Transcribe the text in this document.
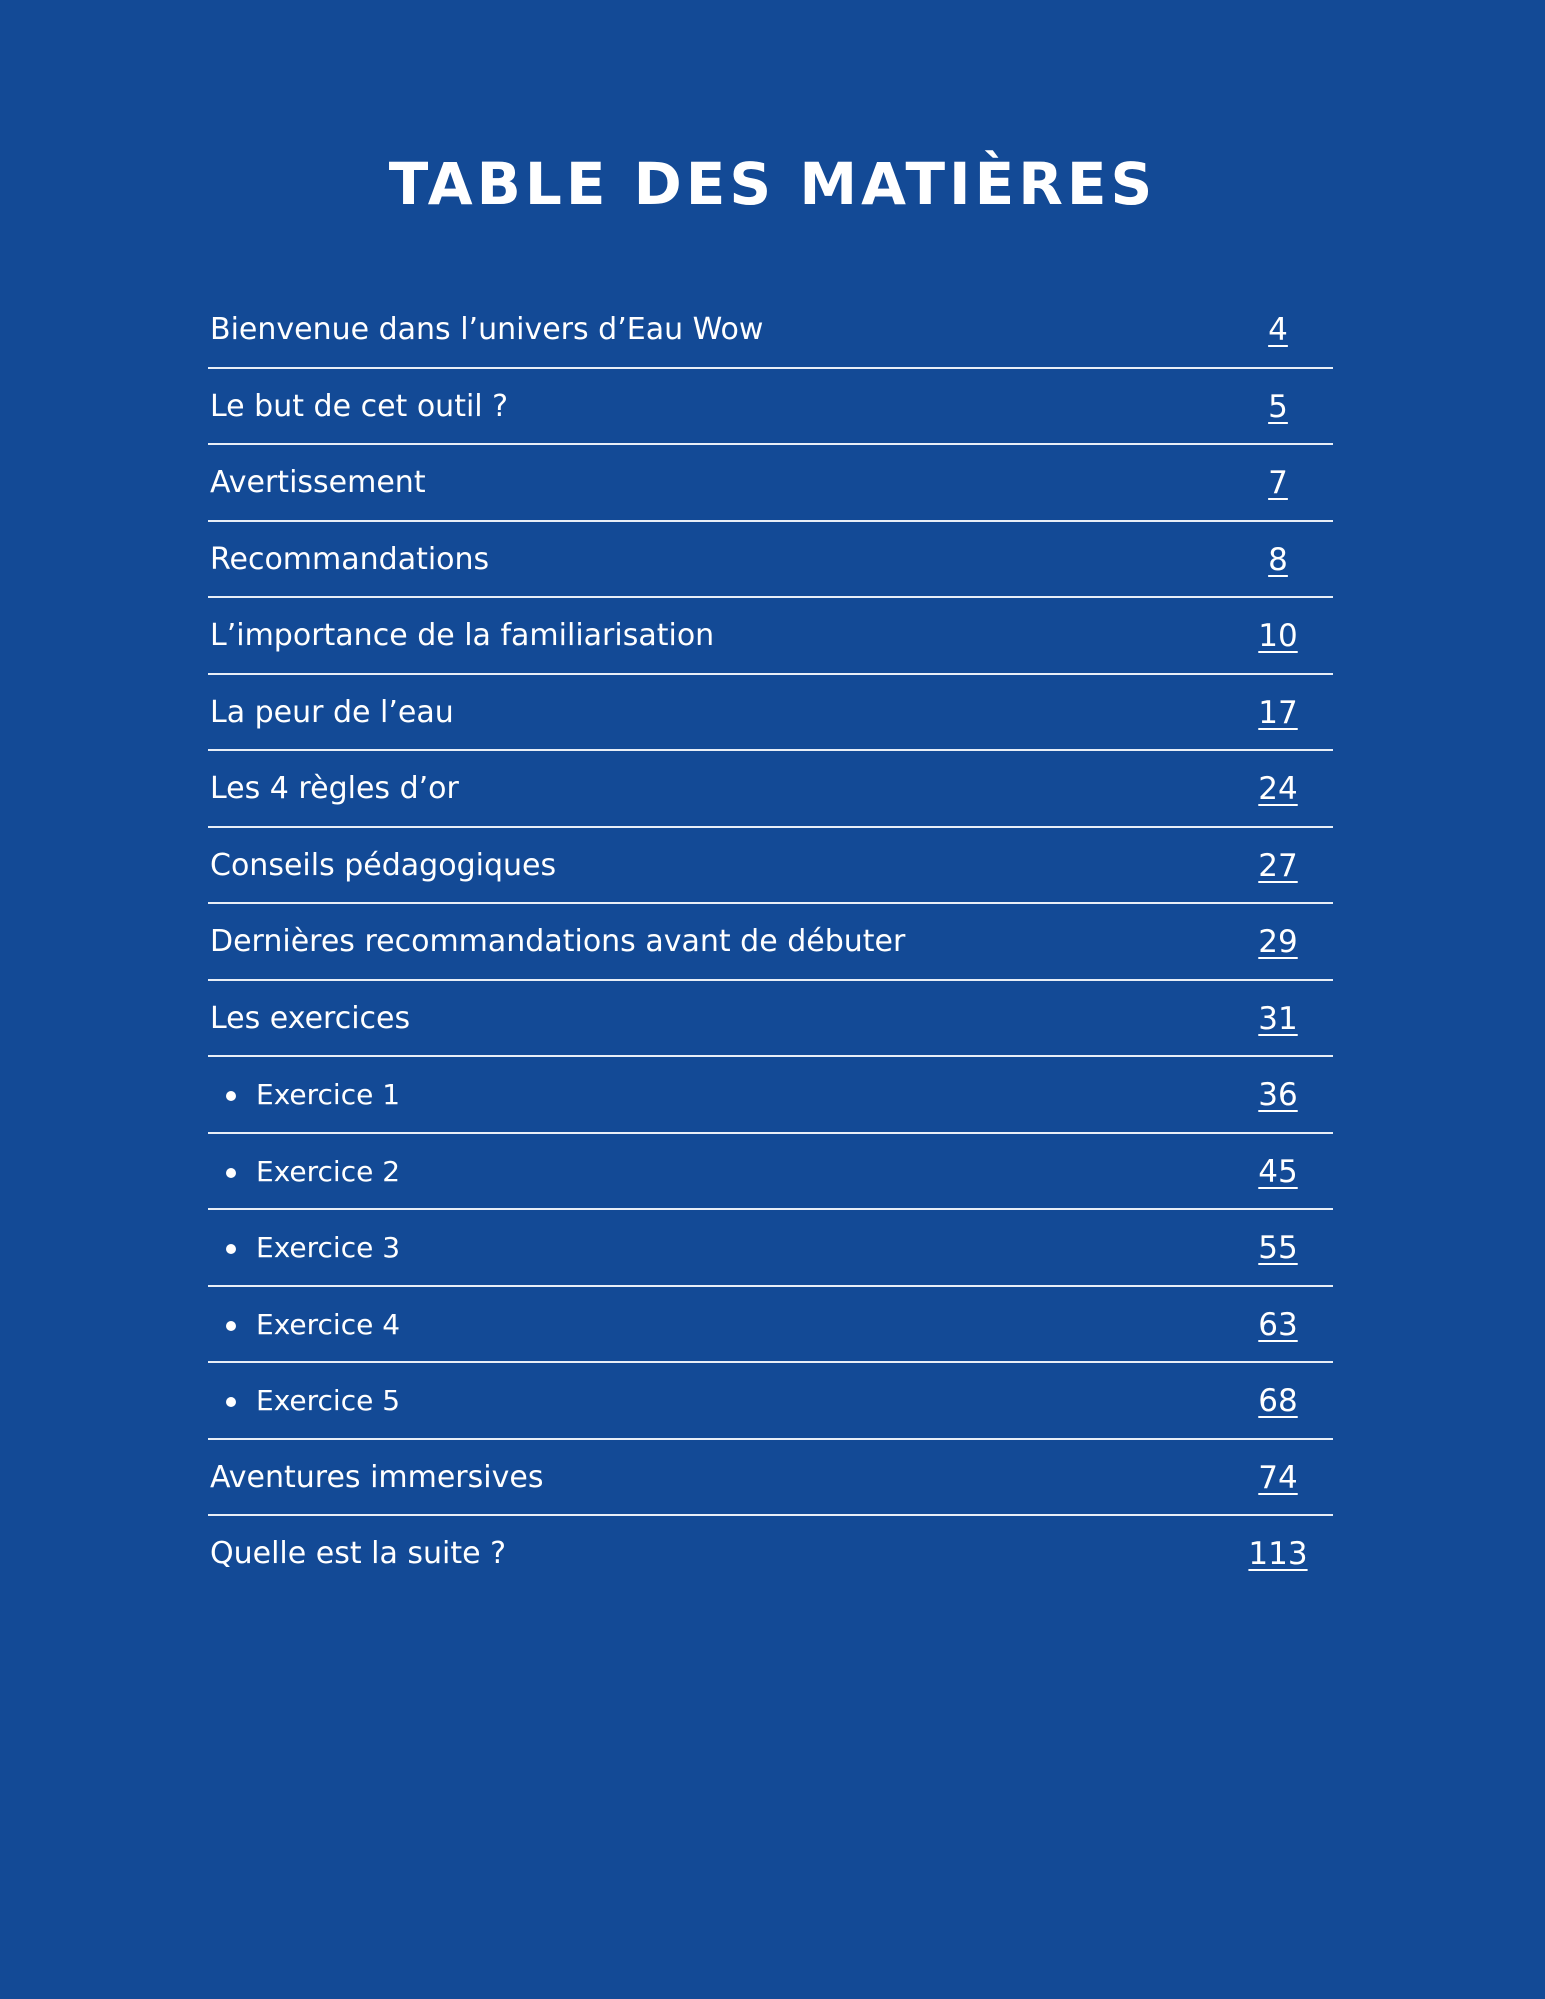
TABLE DES MATIÈRES
Bienvenue dans l’univers d’Eau Wow	4
Le but de cet outil ?	5
Avertissement	7
Recommandations	8
L’importance de la familiarisation	10
La peur de l’eau	17
Les 4 règles d’or	24
Conseils pédagogiques	27
Dernières recommandations avant de débuter	29
Les exercices	31
Exercice 1	36
Exercice 2	45
Exercice 3	55
Exercice 4	63
Exercice 5	68
Aventures immersives	74
Quelle est la suite ?	113
